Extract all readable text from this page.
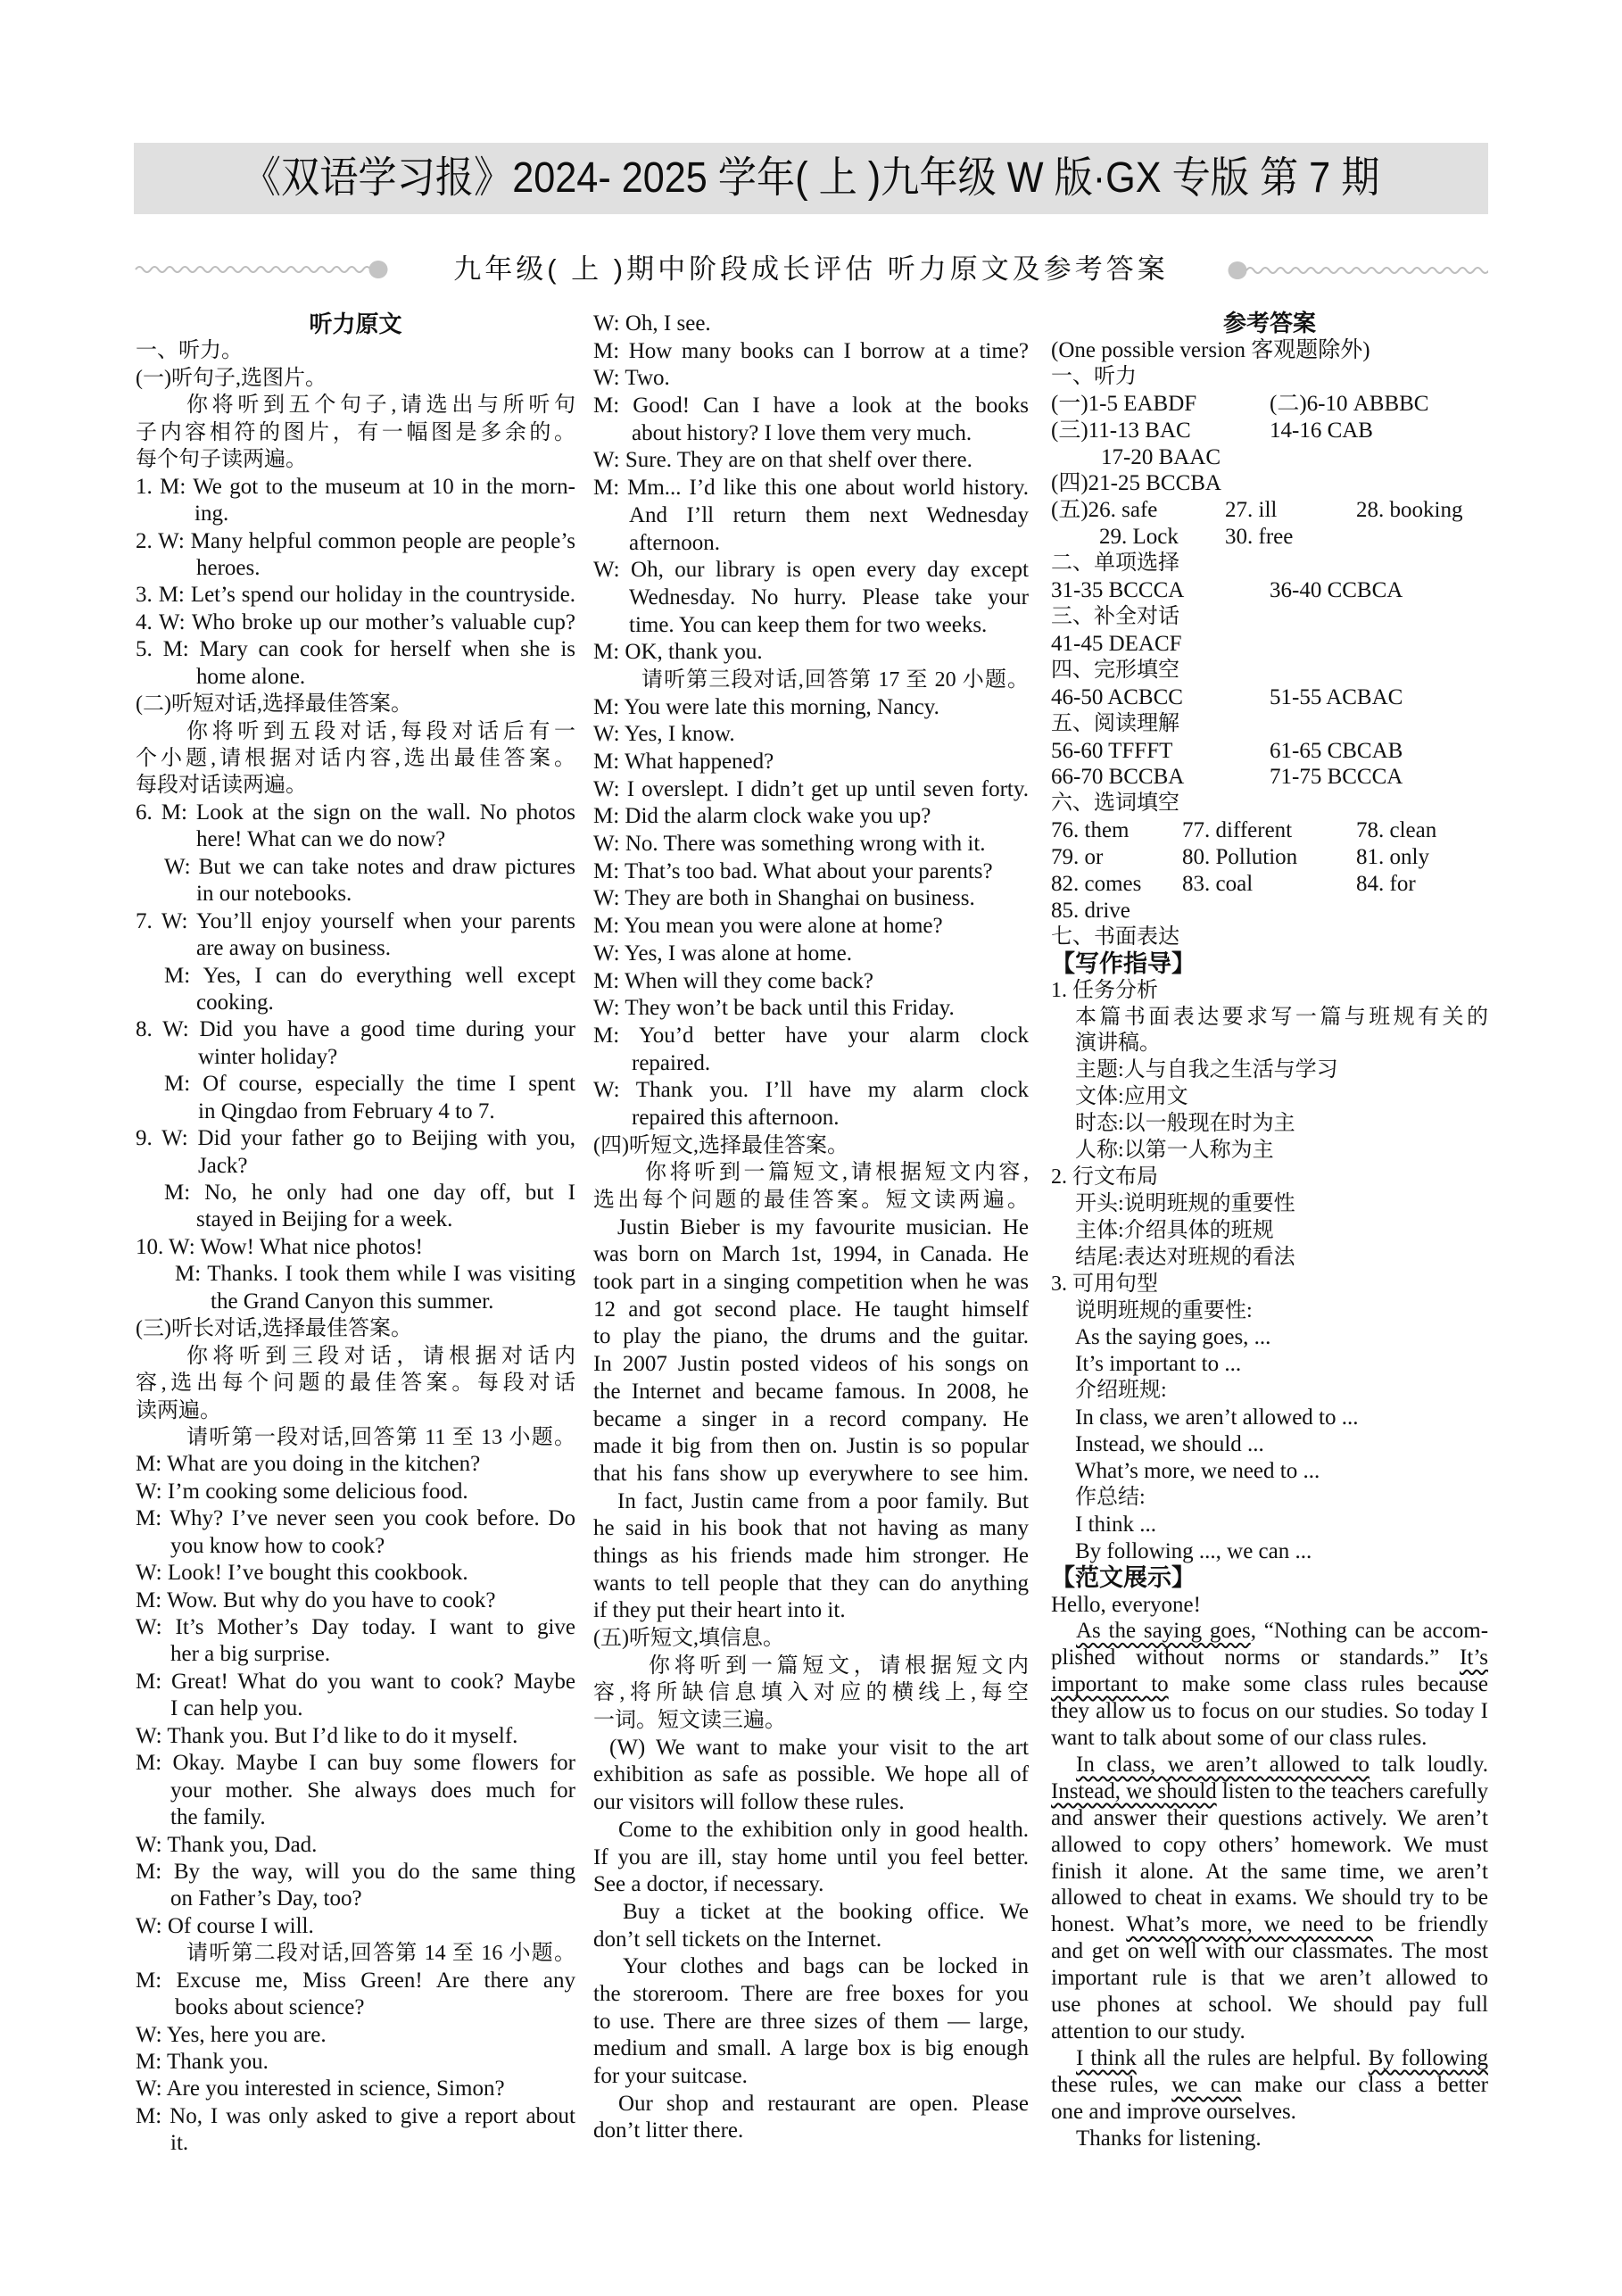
《双语学习报》2024- 2025 学年( 上 )九年级 W 版·GX 专版 第 7 期
九年级( 上 )期中阶段成长评估 听力原文及参考答案
听力原文
一、听力。
(一)听句子,选图片。
你将听到五个句子,请选出与所听句
子内容相符的图片，有一幅图是多余的。
每个句子读两遍。
1. M: We got to the museum at 10 in the morn-
ing.
2. W: Many helpful common people are people’s
heroes.
3. M: Let’s spend our holiday in the countryside.
4. W: Who broke up our mother’s valuable cup?
5. M: Mary can cook for herself when she is
home alone.
(二)听短对话,选择最佳答案。
你将听到五段对话,每段对话后有一
个小题,请根据对话内容,选出最佳答案。
每段对话读两遍。
6. M: Look at the sign on the wall. No photos
here! What can we do now?
W: But we can take notes and draw pictures
in our notebooks.
7. W: You’ll enjoy yourself when your parents
are away on business.
M: Yes, I can do everything well except
cooking.
8. W: Did you have a good time during your
winter holiday?
M: Of course, especially the time I spent
in Qingdao from February 4 to 7.
9. W: Did your father go to Beijing with you,
Jack?
M: No, he only had one day off, but I
stayed in Beijing for a week.
10. W: Wow! What nice photos!
M: Thanks. I took them while I was visiting
the Grand Canyon this summer.
(三)听长对话,选择最佳答案。
你将听到三段对话，请根据对话内
容,选出每个问题的最佳答案。每段对话
读两遍。
请听第一段对话,回答第 11 至 13 小题。
M: What are you doing in the kitchen?
W: I’m cooking some delicious food.
M: Why? I’ve never seen you cook before. Do
you know how to cook?
W: Look! I’ve bought this cookbook.
M: Wow. But why do you have to cook?
W: It’s Mother’s Day today. I want to give
her a big surprise.
M: Great! What do you want to cook? Maybe
I can help you.
W: Thank you. But I’d like to do it myself.
M: Okay. Maybe I can buy some flowers for
your mother. She always does much for
the family.
W: Thank you, Dad.
M: By the way, will you do the same thing
on Father’s Day, too?
W: Of course I will.
请听第二段对话,回答第 14 至 16 小题。
M: Excuse me, Miss Green! Are there any
books about science?
W: Yes, here you are.
M: Thank you.
W: Are you interested in science, Simon?
M: No, I was only asked to give a report about
it.
W: Oh, I see.
M: How many books can I borrow at a time?
W: Two.
M: Good! Can I have a look at the books
about history? I love them very much.
W: Sure. They are on that shelf over there.
M: Mm... I’d like this one about world history.
And I’ll return them next Wednesday
afternoon.
W: Oh, our library is open every day except
Wednesday. No hurry. Please take your
time. You can keep them for two weeks.
M: OK, thank you.
请听第三段对话,回答第 17 至 20 小题。
M: You were late this morning, Nancy.
W: Yes, I know.
M: What happened?
W: I overslept. I didn’t get up until seven forty.
M: Did the alarm clock wake you up?
W: No. There was something wrong with it.
M: That’s too bad. What about your parents?
W: They are both in Shanghai on business.
M: You mean you were alone at home?
W: Yes, I was alone at home.
M: When will they come back?
W: They won’t be back until this Friday.
M: You’d better have your alarm clock
repaired.
W: Thank you. I’ll have my alarm clock
repaired this afternoon.
(四)听短文,选择最佳答案。
你将听到一篇短文,请根据短文内容,
选出每个问题的最佳答案。短文读两遍。
Justin Bieber is my favourite musician. He
was born on March 1st, 1994, in Canada. He
took part in a singing competition when he was
12 and got second place. He taught himself
to play the piano, the drums and the guitar.
In 2007 Justin posted videos of his songs on
the Internet and became famous. In 2008, he
became a singer in a record company. He
made it big from then on. Justin is so popular
that his fans show up everywhere to see him.
In fact, Justin came from a poor family. But
he said in his book that not having as many
things as his friends made him stronger. He
wants to tell people that they can do anything
if they put their heart into it.
(五)听短文,填信息。
你将听到一篇短文，请根据短文内
容,将所缺信息填入对应的横线上,每空
一词。短文读三遍。
(W) We want to make your visit to the art
exhibition as safe as possible. We hope all of
our visitors will follow these rules.
Come to the exhibition only in good health.
If you are ill, stay home until you feel better.
See a doctor, if necessary.
Buy a ticket at the booking office. We
don’t sell tickets on the Internet.
Your clothes and bags can be locked in
the storeroom. There are free boxes for you
to use. There are three sizes of them — large,
medium and small. A large box is big enough
for your suitcase.
Our shop and restaurant are open. Please
don’t litter there.
参考答案
(One possible version 客观题除外)
一、听力
(一)1-5 EABDF	(二)6-10 ABBBC
(三)11-13 BAC	14-16 CAB
17-20 BAAC
(四)21-25 BCCBA
(五)26. safe	27. ill	28. booking
29. Lock 30. free
二、单项选择
31-35 BCCCA	36-40 CCBCA
三、补全对话
41-45 DEACF
四、完形填空
46-50 ACBCC	51-55 ACBAC
五、阅读理解
56-60 TFFFT	61-65 CBCAB
66-70 BCCBA	71-75 BCCCA
六、选词填空
76. them 77. different	78. clean
79. or	80. Pollution	81. only
82. comes 83. coal	84. for
85. drive
七、书面表达
【写作指导】
1. 任务分析
本篇书面表达要求写一篇与班规有关的
演讲稿。
主题:人与自我之生活与学习
文体:应用文
时态:以一般现在时为主
人称:以第一人称为主
2. 行文布局
开头:说明班规的重要性
主体:介绍具体的班规
结尾:表达对班规的看法
3. 可用句型
说明班规的重要性:
As the saying goes, ...
It’s important to ...
介绍班规:
In class, we aren’t allowed to ...
Instead, we should ...
What’s more, we need to ...
作总结:
I think ...
By following ..., we can ...
【范文展示】
Hello, everyone!
As the saying goes, “Nothing can be accom-
plished without norms or standards.” It’s
important to make some class rules because
they allow us to focus on our studies. So today I
want to talk about some of our class rules.
In class, we aren’t allowed to talk loudly.
Instead, we should listen to the teachers carefully
and answer their questions actively. We aren’t
allowed to copy others’ homework. We must
finish it alone. At the same time, we aren’t
allowed to cheat in exams. We should try to be
honest. What’s more, we need to be friendly
and get on well with our classmates. The most
important rule is that we aren’t allowed to
use phones at school. We should pay full
attention to our study.
I think all the rules are helpful. By following
these rules, we can make our class a better
one and improve ourselves.
Thanks for listening.
